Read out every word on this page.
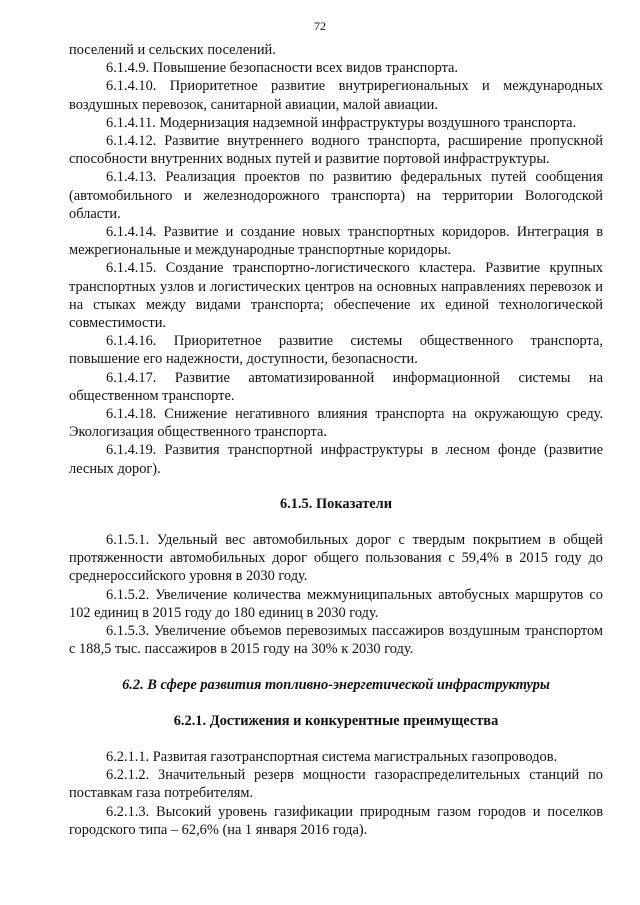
72

поселений и сельских поселений.

6.1.4.9. Повышение безопасности всех видов транспорта.

6.1.4.10. Приоритетное развитие внутрирегиональных и международных воздушных перевозок, санитарной авиации, малой авиации.

6.1.4.11. Модернизация надземной инфраструктуры воздушного транспорта.

6.1.4.12. Развитие внутреннего водного транспорта, расширение пропускной способности внутренних водных путей и развитие портовой инфраструктуры.

6.1.4.13. Реализация проектов по развитию федеральных путей сообщения (автомобильного и железнодорожного транспорта) на территории Вологодской области.

6.1.4.14. Развитие и создание новых транспортных коридоров. Интеграция в межрегиональные и международные транспортные коридоры.

6.1.4.15. Создание транспортно-логистического кластера. Развитие крупных транспортных узлов и логистических центров на основных направлениях перевозок и на стыках между видами транспорта; обеспечение их единой технологической совместимости.

6.1.4.16. Приоритетное развитие системы общественного транспорта, повышение его надежности, доступности, безопасности.

6.1.4.17. Развитие автоматизированной информационной системы на общественном транспорте.

6.1.4.18. Снижение негативного влияния транспорта на окружающую среду. Экологизация общественного транспорта.

6.1.4.19. Развития транспортной инфраструктуры в лесном фонде (развитие лесных дорог).

6.1.5. Показатели

6.1.5.1. Удельный вес автомобильных дорог с твердым покрытием в общей протяженности автомобильных дорог общего пользования с 59,4% в 2015 году до среднероссийского уровня в 2030 году.

6.1.5.2. Увеличение количества межмуниципальных автобусных маршрутов со 102 единиц в 2015 году до 180 единиц в 2030 году.

6.1.5.3. Увеличение объемов перевозимых пассажиров воздушным транспортом с 188,5 тыс. пассажиров в 2015 году на 30% к 2030 году.

6.2. В сфере развития топливно-энергетической инфраструктуры

6.2.1. Достижения и конкурентные преимущества

6.2.1.1. Развитая газотранспортная система магистральных газопроводов.

6.2.1.2. Значительный резерв мощности газораспределительных станций по поставкам газа потребителям.

6.2.1.3. Высокий уровень газификации природным газом городов и поселков городского типа – 62,6% (на 1 января 2016 года).
